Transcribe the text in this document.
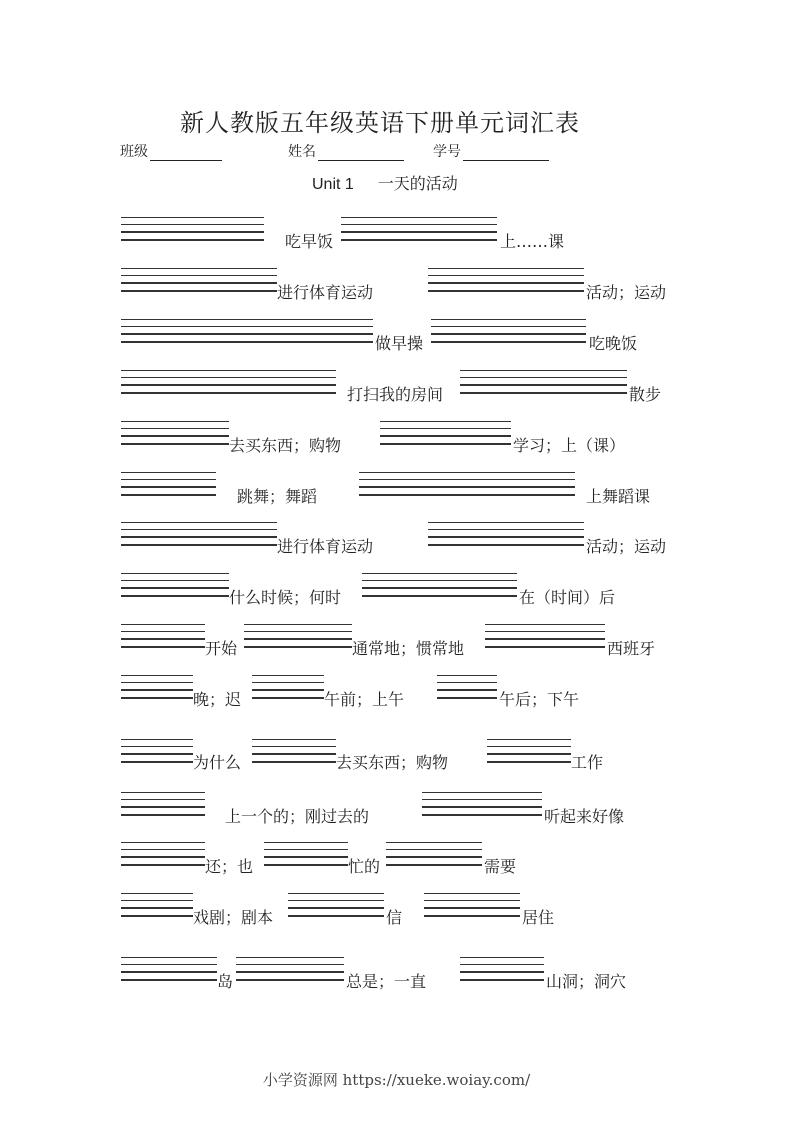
新人教版五年级英语下册单元词汇表
班级	姓名	学号
Unit 1 一天的活动
吃早饭	上……课
进行体育运动	活动；运动
做早操	吃晚饭
打扫我的房间	散步
去买东西；购物	学习；上（课）
跳舞；舞蹈	上舞蹈课
进行体育运动	活动；运动
什么时候；何时	在（时间）后
开始	通常地；惯常地	西班牙
晚；迟	午前；上午	午后；下午
为什么	去买东西；购物	工作
上一个的；刚过去的	听起来好像
还；也	忙的	需要
戏剧；剧本	信	居住
岛	总是；一直	山洞；洞穴
小学资源网 https://xueke.woiay.com/
